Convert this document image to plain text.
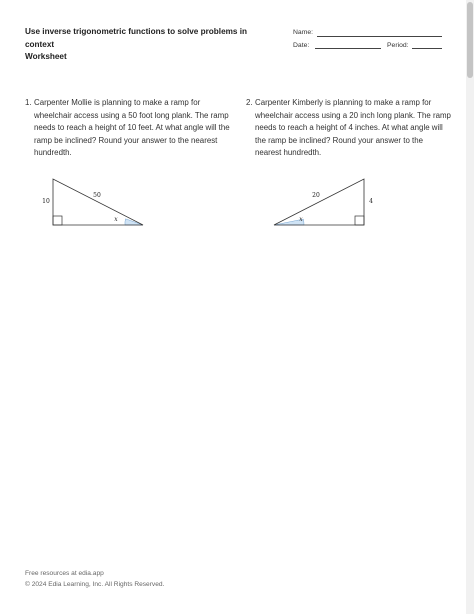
Use inverse trigonometric functions to solve problems in
context
Worksheet
Name:
Date:	Period:
1. Carpenter Mollie is planning to make a ramp for wheelchair access using a 50 foot long plank. The ramp needs to reach a height of 10 feet. At what angle will the ramp be inclined? Round your answer to the nearest hundredth.
50
10
x
2. Carpenter Kimberly is planning to make a ramp for wheelchair access using a 20 inch long plank. The ramp needs to reach a height of 4 inches. At what angle will the ramp be inclined? Round your answer to the nearest hundredth.
20
4
x
Free resources at edia.app
© 2024 Edia Learning, Inc. All Rights Reserved.
